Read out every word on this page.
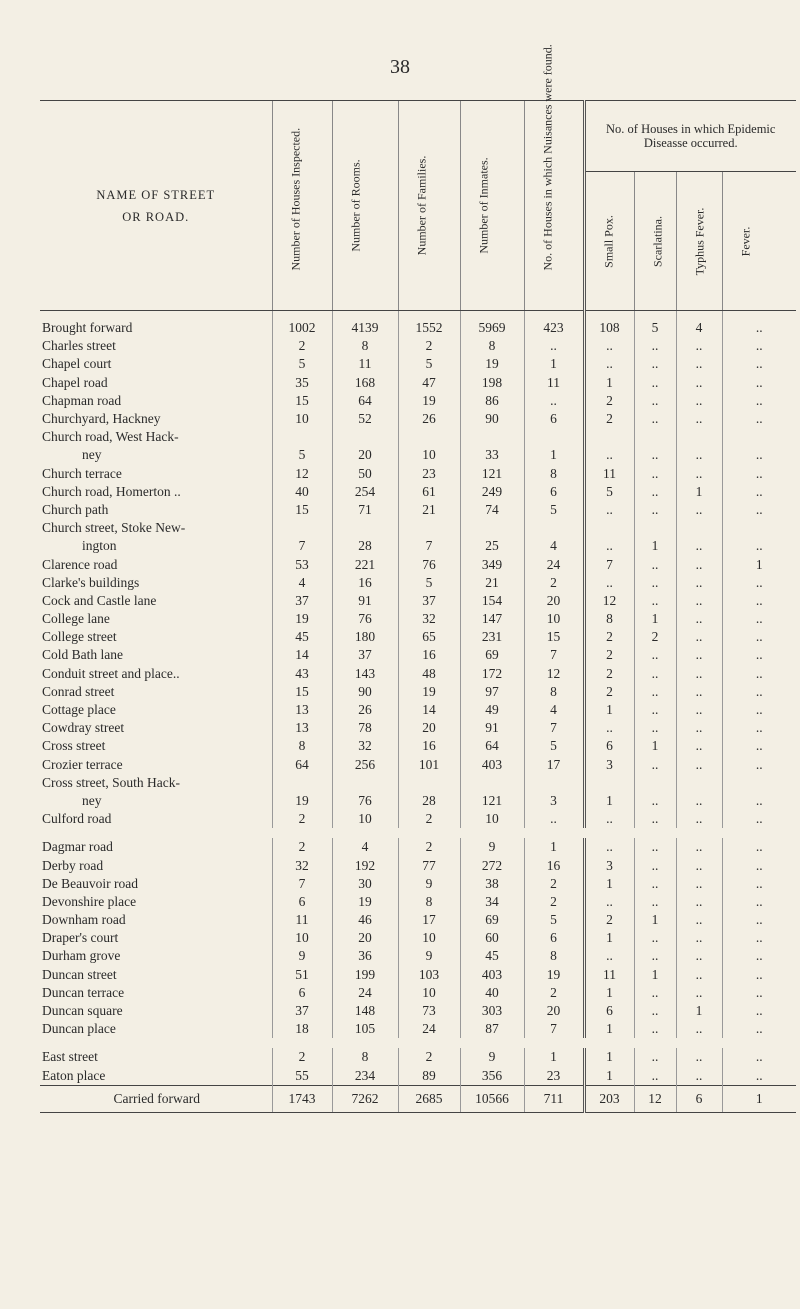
38
NAME OF STREET
OR ROAD.	Number of Houses Inspected.	Number of Rooms.	Number of Families.	Number of Inmates.	No. of Houses in which Nuisances were found.	No. of Houses in which Epidemic Diseasse occurred.			

						Small Pox.	Scarlatina.	Typhus Fever.	Fever.

Brought forward	1002	4139	1552	5969	423	108	5	4	..
Charles street	2	8	2	8	..	..	..	..	..
Chapel court	5	11	5	19	1	..	..	..	..
Chapel road	35	168	47	198	11	1	..	..	..
Chapman road	15	64	19	86	..	2	..	..	..
Churchyard, Hackney	10	52	26	90	6	2	..	..	..
Church road, West Hack-									
ney	5	20	10	33	1	..	..	..	..
Church terrace	12	50	23	121	8	11	..	..	..
Church road, Homerton ..	40	254	61	249	6	5	..	1	..
Church path	15	71	21	74	5	..	..	..	..
Church street, Stoke New-									
ington	7	28	7	25	4	..	1	..	..
Clarence road	53	221	76	349	24	7	..	..	1
Clarke's buildings	4	16	5	21	2	..	..	..	..
Cock and Castle lane	37	91	37	154	20	12	..	..	..
College lane	19	76	32	147	10	8	1	..	..
College street	45	180	65	231	15	2	2	..	..
Cold Bath lane	14	37	16	69	7	2	..	..	..
Conduit street and place..	43	143	48	172	12	2	..	..	..
Conrad street	15	90	19	97	8	2	..	..	..
Cottage place	13	26	14	49	4	1	..	..	..
Cowdray street	13	78	20	91	7	..	..	..	..
Cross street	8	32	16	64	5	6	1	..	..
Crozier terrace	64	256	101	403	17	3	..	..	..
Cross street, South Hack-									
ney	19	76	28	121	3	1	..	..	..
Culford road	2	10	2	10	..	..	..	..	..

Dagmar road	2	4	2	9	1	..	..	..	..
Derby road	32	192	77	272	16	3	..	..	..
De Beauvoir road	7	30	9	38	2	1	..	..	..
Devonshire place	6	19	8	34	2	..	..	..	..
Downham road	11	46	17	69	5	2	1	..	..
Draper's court	10	20	10	60	6	1	..	..	..
Durham grove	9	36	9	45	8	..	..	..	..
Duncan street	51	199	103	403	19	11	1	..	..
Duncan terrace	6	24	10	40	2	1	..	..	..
Duncan square	37	148	73	303	20	6	..	1	..
Duncan place	18	105	24	87	7	1	..	..	..

East street	2	8	2	9	1	1	..	..	..
Eaton place	55	234	89	356	23	1	..	..	..
Carried forward	1743	7262	2685	10566	711	203	12	6	1
